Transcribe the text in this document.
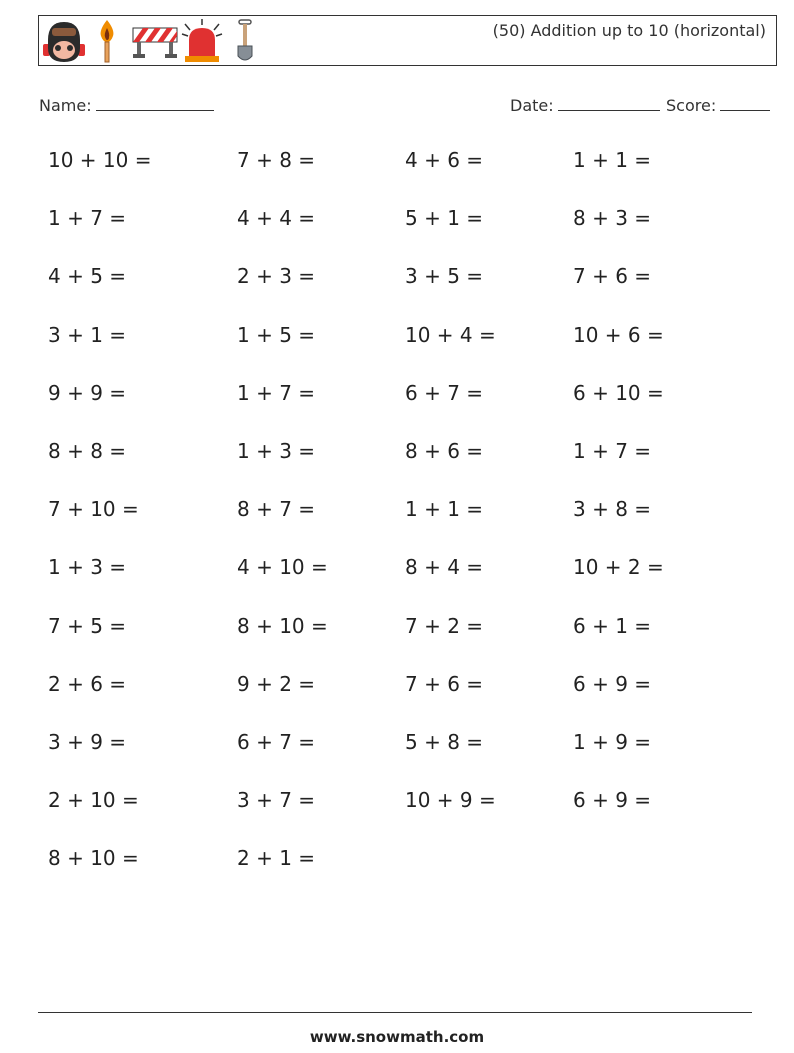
(50) Addition up to 10 (horizontal)
Name:	Date:	Score:
10 + 10 =	7 + 8 =	4 + 6 =	1 + 1 =
1 + 7 =	4 + 4 =	5 + 1 =	8 + 3 =
4 + 5 =	2 + 3 =	3 + 5 =	7 + 6 =
3 + 1 =	1 + 5 =	10 + 4 =	10 + 6 =
9 + 9 =	1 + 7 =	6 + 7 =	6 + 10 =
8 + 8 =	1 + 3 =	8 + 6 =	1 + 7 =
7 + 10 =	8 + 7 =	1 + 1 =	3 + 8 =
1 + 3 =	4 + 10 =	8 + 4 =	10 + 2 =
7 + 5 =	8 + 10 =	7 + 2 =	6 + 1 =
2 + 6 =	9 + 2 =	7 + 6 =	6 + 9 =
3 + 9 =	6 + 7 =	5 + 8 =	1 + 9 =
2 + 10 =	3 + 7 =	10 + 9 =	6 + 9 =
8 + 10 =	2 + 1 =
www.snowmath.com
